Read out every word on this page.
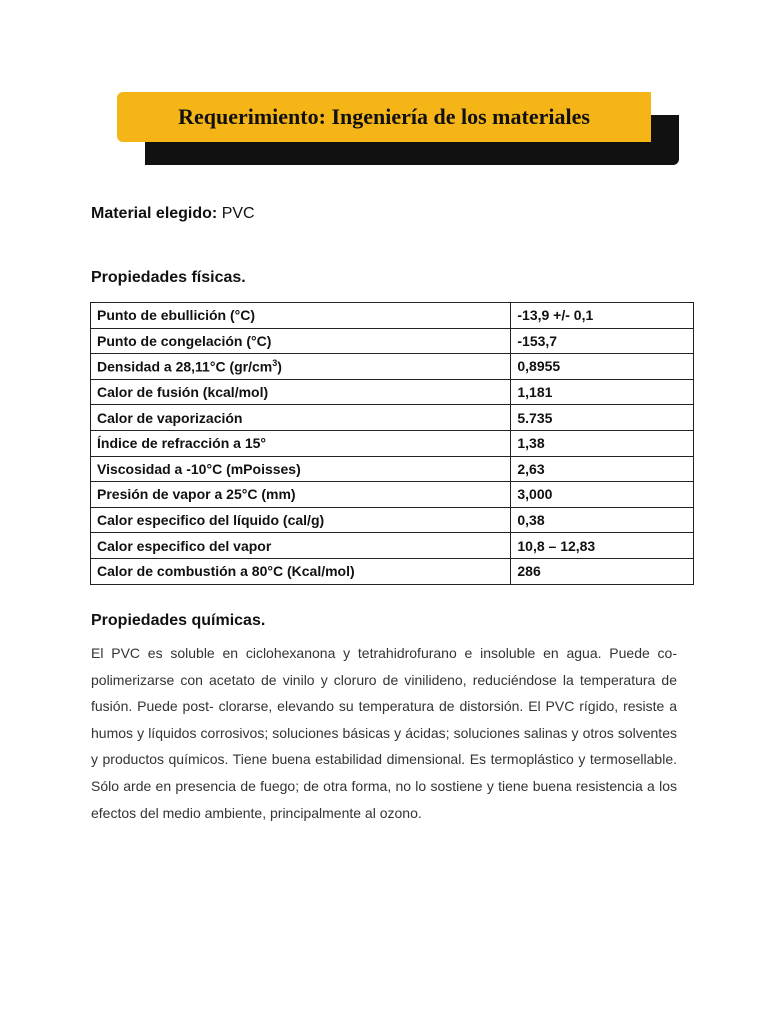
Requerimiento: Ingeniería de los materiales
Material elegido: PVC
Propiedades físicas.
Punto de ebullición (°C)	-13,9 +/- 0,1
Punto de congelación (°C)	-153,7
Densidad a 28,11°C $(gr/cm^3)$	0,8955
Calor de fusión (kcal/mol)	1,181
Calor de vaporización	5.735
Índice de refracción a 15°	1,38
Viscosidad a -10°C (mPoisses)	2,63
Presión de vapor a 25°C (mm)	3,000
Calor especifico del líquido (cal/g)	0,38
Calor especifico del vapor	10,8 – 12,83
Calor de combustión a 80°C (Kcal/mol)	286
Propiedades químicas.

El PVC es soluble en ciclohexanona y tetrahidrofurano e insoluble en agua. Puede co-polimerizarse con acetato de vinilo y cloruro de vinilideno, reduciéndose la temperatura de fusión. Puede post- clorarse, elevando su temperatura de distorsión. El PVC rígido, resiste a humos y líquidos corrosivos; soluciones básicas y ácidas; soluciones salinas y otros solventes y productos químicos. Tiene buena estabilidad dimensional. Es termoplástico y termosellable. Sólo arde en presencia de fuego; de otra forma, no lo sostiene y tiene buena resistencia a los efectos del medio ambiente, principalmente al ozono.
